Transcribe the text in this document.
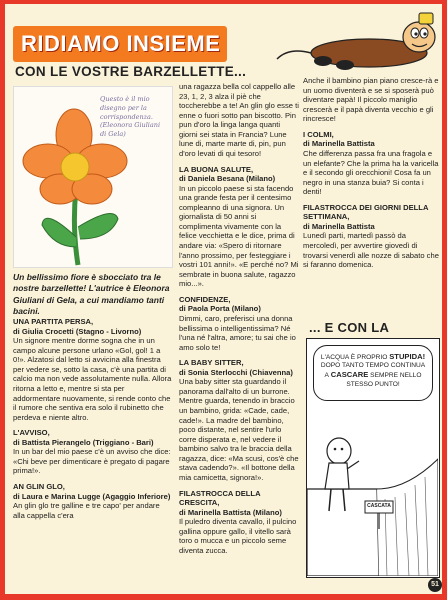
RIDIAMO INSIEME
CON LE VOSTRE BARZELLETTE...
Questo è il mio disegno per la corrispondenza. (Eleonora Giuliani di Gela)
Un bellissimo fiore è sbocciato tra le nostre barzellette! L'autrice è Eleonora Giuliani di Gela, a cui mandiamo tanti bacini.

UNA PARTITA PERSA,

di Giulia Crocetti (Stagno - Livorno)

Un signore mentre dorme sogna che in un campo alcune persone urlano «Gol, gol! 1 a 0!». Alzatosi dal letto si avvicina alla finestra per vedere se, sotto la casa, c'è una partita di calcio ma non vede assolutamente nulla. Allora ritorna a letto e, mentre si sta per addormentare nuovamente, si rende conto che il rumore che sentiva era solo il rubinetto che perdeva e niente altro.

L'AVVISO,

di Battista Pierangelo (Triggiano - Bari)

In un bar del mio paese c'è un avviso che dice: «Chi beve per dimenticare è pregato di pagare prima!».

AN GLIN GLO,

di Laura e Marina Lugge (Agaggio Inferiore)

An glin glo tre galline e tre capo' per andare alla cappella c'era

una ragazza bella col cappello alle 23, 1, 2, 3 alza il piè che toccherebbe a te! An glin glo esse ti enne o fuori sotto pan biscotto. Pin pun d'oro la linga langa quanti giorni sei stata in Francia? Lune lune di, marte marte di, pin, pun d'oro levati di qui tesoro!

LA BUONA SALUTE,

di Daniela Besana (Milano)

In un piccolo paese si sta facendo una grande festa per il centesimo compleanno di una signora. Un giornalista di 50 anni si complimenta vivamente con la felice vecchietta e le dice, prima di andare via: «Spero di ritornare l'anno prossimo, per festeggiare i vostri 101 anni!». «E perché no? Mi sembrate in buona salute, ragazzo mio...».

CONFIDENZE,

di Paola Porta (Milano)

Dimmi, caro, preferisci una donna bellissima o intelligentissima? Né l'una né l'altra, amore; tu sai che io amo solo te!

LA BABY SITTER,

di Sonia Sterlocchi (Chiavenna)

Una baby sitter sta guardando il panorama dall'alto di un burrone. Mentre guarda, tenendo in braccio un bambino, grida: «Cade, cade, cade!». La madre del bambino, poco distante, nel sentire l'urlo corre disperata e, nel vedere il bambino salvo tra le braccia della ragazza, dice: «Ma scusi, cos'è che stava cadendo?». «Il bottone della mia camicetta, signora!».

FILASTROCCA DELLA CRESCITA,

di Marinella Battista (Milano)

Il puledro diventa cavallo, il pulcino gallina oppure gallo, il vitello sarà toro o mucca e un piccolo seme diventa zucca.

Anche il bambino pian piano cresce-rà e un uomo diventerà e se si sposerà può diventare papà! Il piccolo maniglio crescerà e il papà diventa vecchio e gli rincresce!

I COLMI,

di Marinella Battista

Che differenza passa fra una fragola e un elefante? Che la prima ha la varicella e il secondo gli orecchioni! Cosa fa un negro in una stanza buia? Si conta i denti!

FILASTROCCA DEI GIORNI DELLA SETTIMANA,

di Marinella Battista

Lunedì parti, martedì passò da mercoledì, per avvertire giovedì di trovarsi venerdì alle nozze di sabato che si faranno domenica.

... E CON LA
L'ACQUA È PROPRIO STUPIDA! DOPO TANTO TEMPO CONTINUA A CASCARE SEMPRE NELLO STESSO PUNTO!
CASCATA
51
